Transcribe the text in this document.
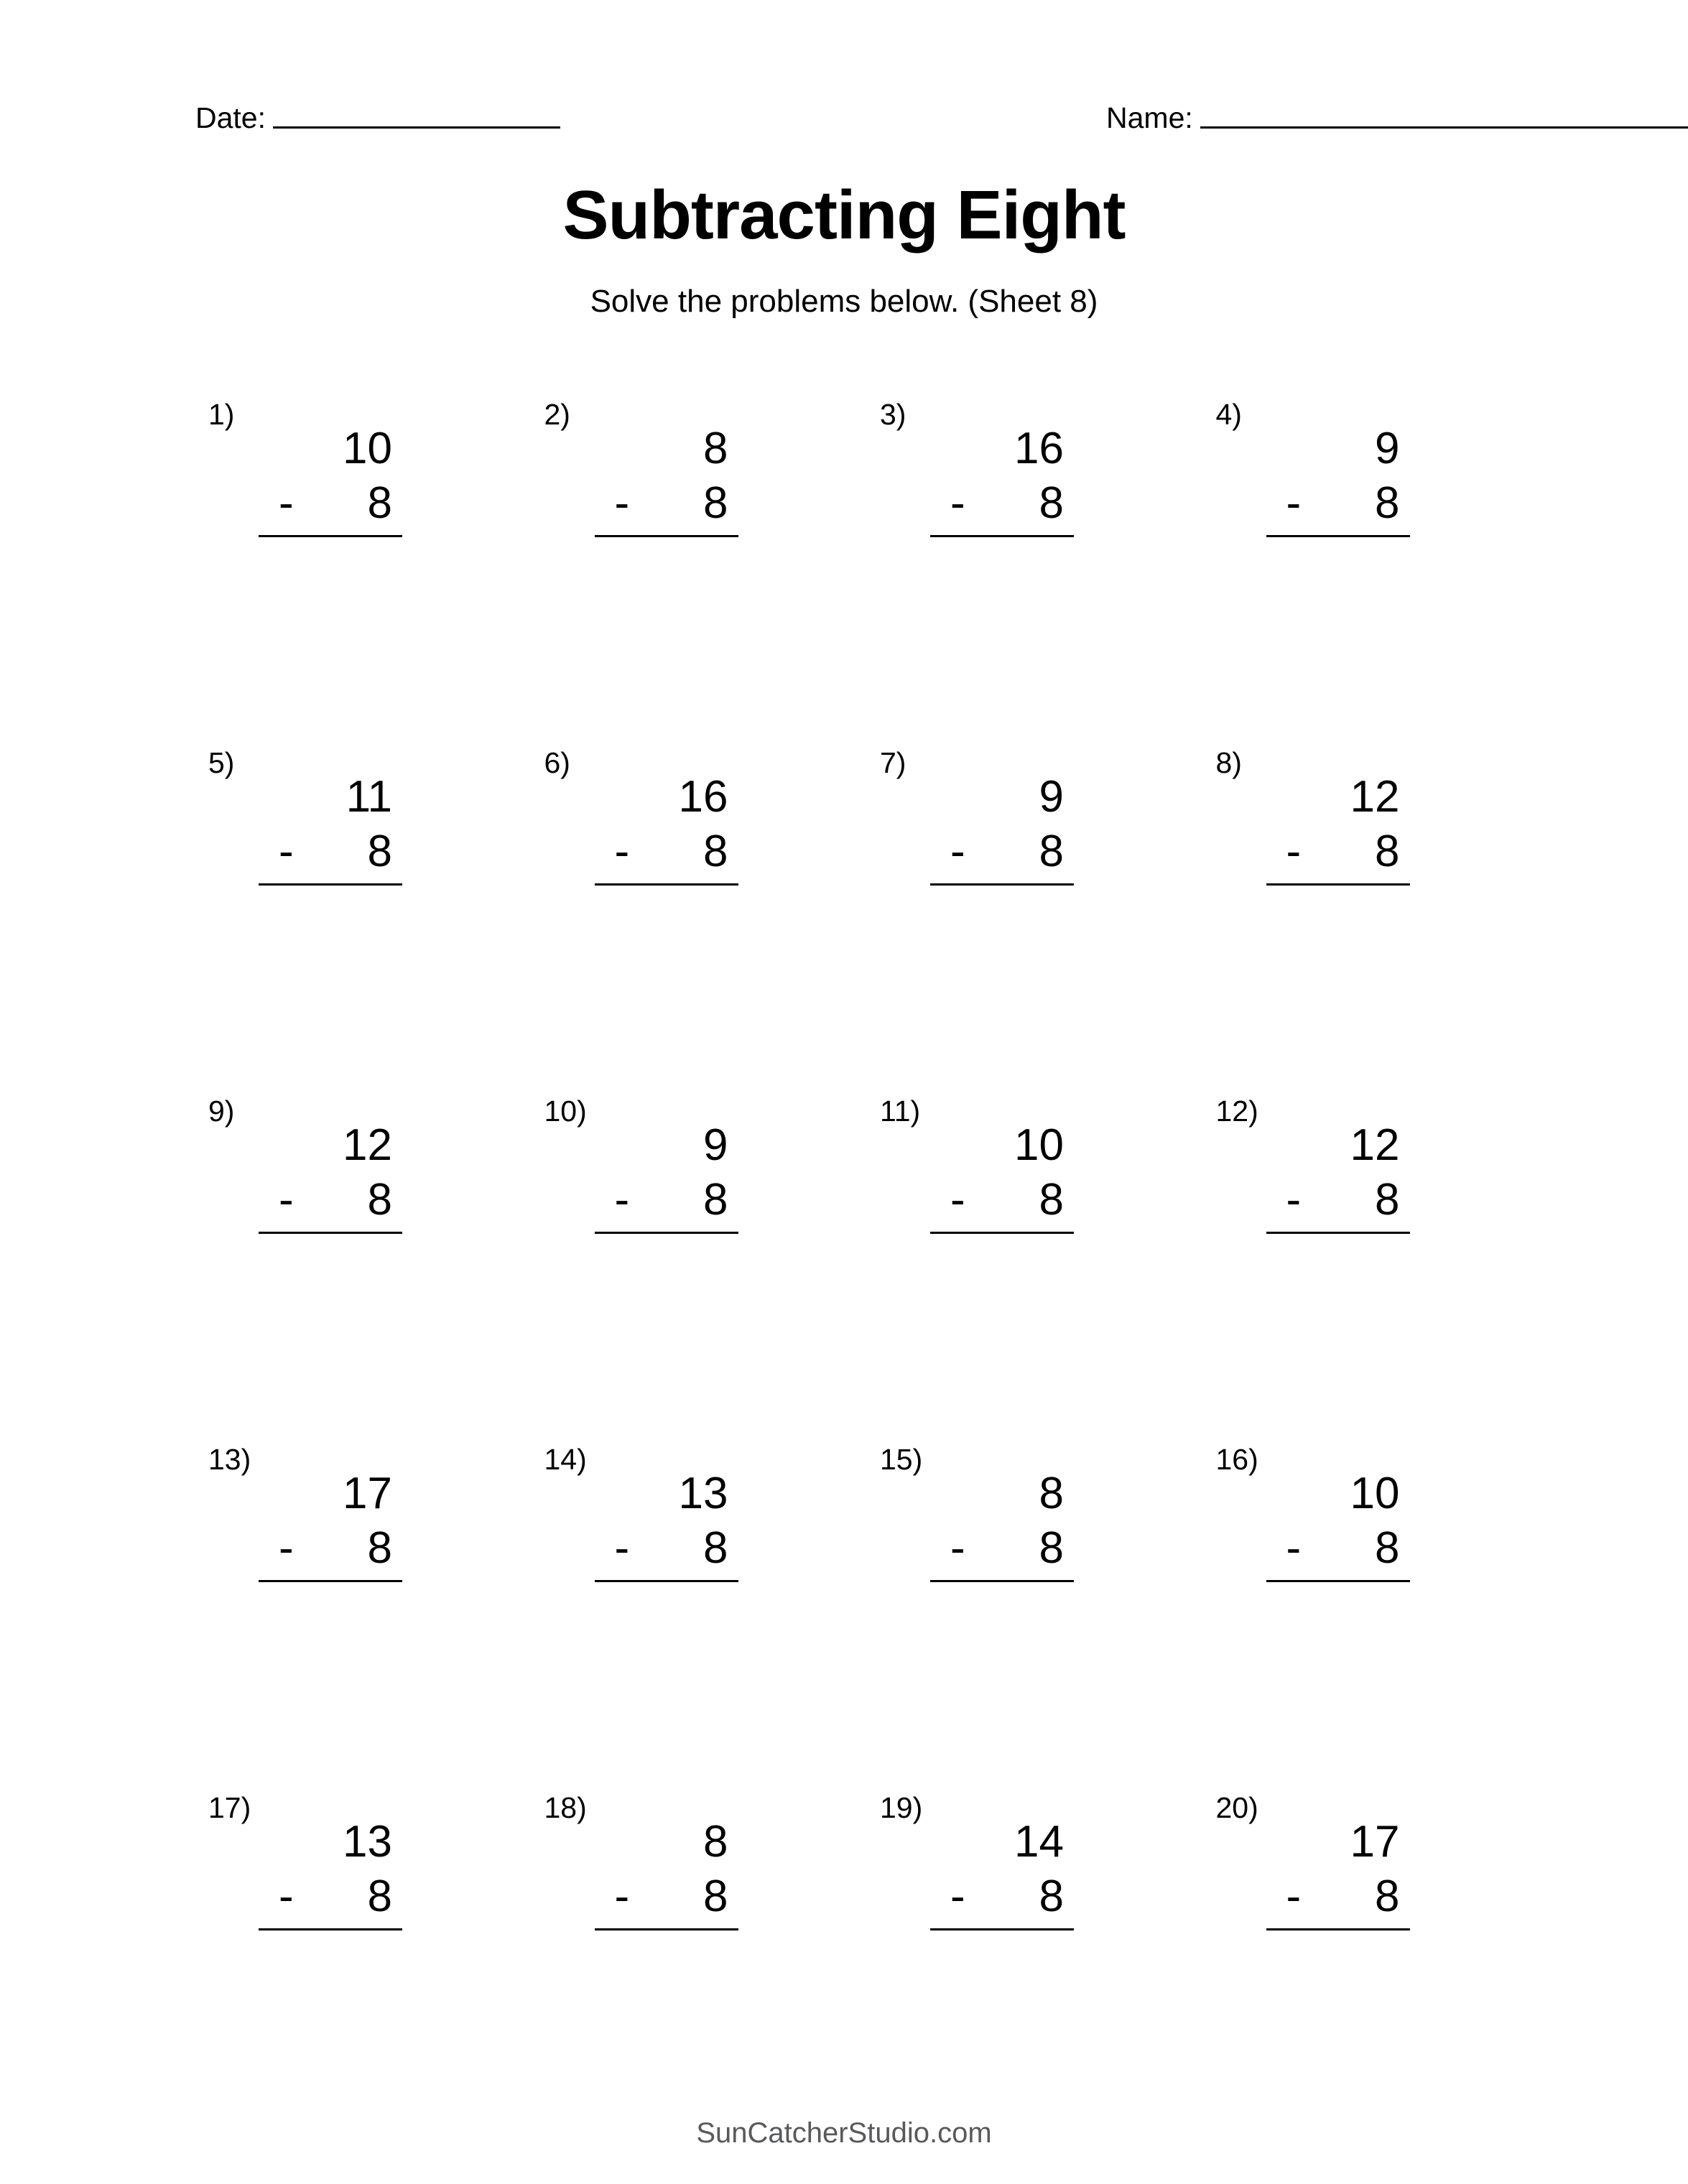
Date:	Name:
Subtracting Eight
Solve the problems below. (Sheet 8)
1)
10
- 8
2)
8
- 8
3)
16
- 8
4)
9
- 8
5)
11
- 8
6)
16
- 8
7)
9
- 8
8)
12
- 8
9)
12
- 8
10)
9
- 8
11)
10
- 8
12)
12
- 8
13)
17
- 8
14)
13
- 8
15)
8
- 8
16)
10
- 8
17)
13
- 8
18)
8
- 8
19)
14
- 8
20)
17
- 8
SunCatcherStudio.com
